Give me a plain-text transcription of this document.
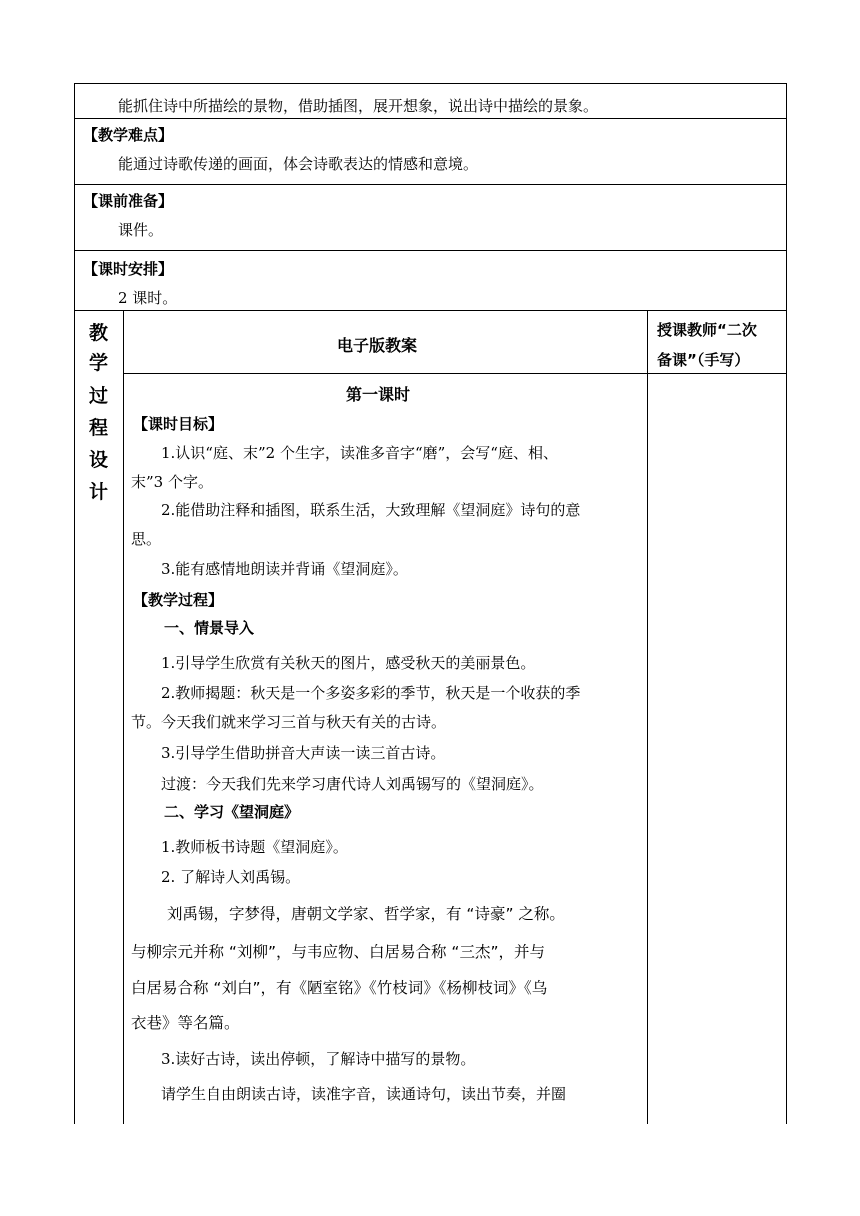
能抓住诗中所描绘的景物，借助插图，展开想象，说出诗中描绘的景象。
【教学难点】
能通过诗歌传递的画面，体会诗歌表达的情感和意境。
【课前准备】
课件。
【课时安排】
2 课时。
教
学
过
程
设
计
电子版教案
授课教师“二次
备课”（手写）
第一课时
【课时目标】
1.认识“庭、末”2 个生字，读准多音字“磨”，会写“庭、相、
末”3 个字。
2.能借助注释和插图，联系生活，大致理解《望洞庭》诗句的意
思。
3.能有感情地朗读并背诵《望洞庭》。
【教学过程】
一、情景导入
1.引导学生欣赏有关秋天的图片，感受秋天的美丽景色。
2.教师揭题：秋天是一个多姿多彩的季节，秋天是一个收获的季
节。今天我们就来学习三首与秋天有关的古诗。
3.引导学生借助拼音大声读一读三首古诗。
过渡：今天我们先来学习唐代诗人刘禹锡写的《望洞庭》。
二、学习《望洞庭》
1.教师板书诗题《望洞庭》。
2. 了解诗人刘禹锡。
刘禹锡，字梦得，唐朝文学家、哲学家，有 “诗豪” 之称。
与柳宗元并称 “刘柳”，与韦应物、白居易合称 “三杰”，并与
白居易合称 “刘白”，有《陋室铭》《竹枝词》《杨柳枝词》《乌
衣巷》等名篇。
3.读好古诗，读出停顿，了解诗中描写的景物。
请学生自由朗读古诗，读准字音，读通诗句，读出节奏，并圈
